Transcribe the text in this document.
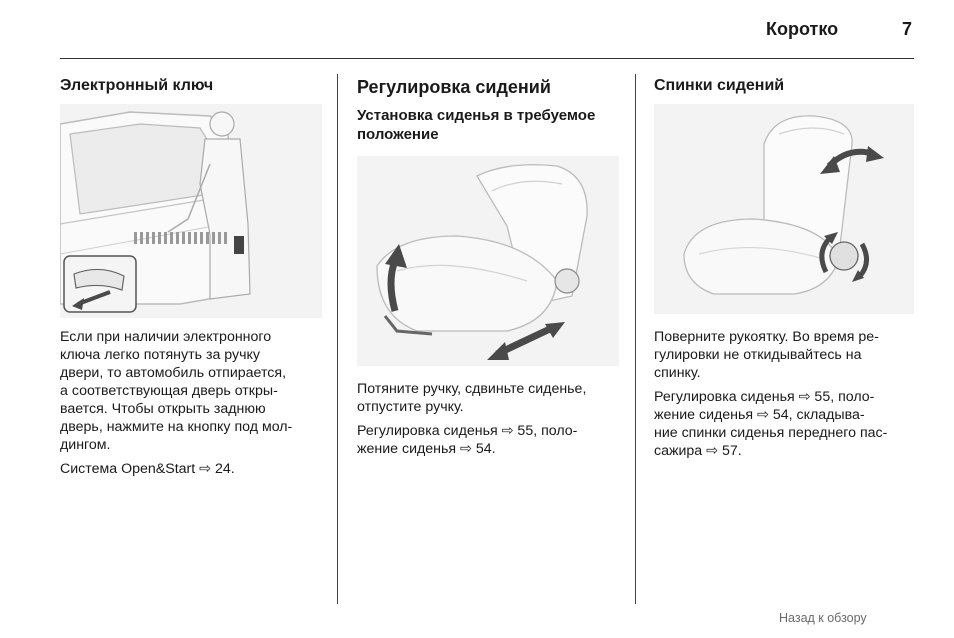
Коротко	7
Электронный ключ

Если при наличии электронного
ключа легко потянуть за ручку
двери, то автомобиль отпирается,
а соответствующая дверь откры-
вается. Чтобы открыть заднюю
дверь, нажмите на кнопку под мол-
дингом.

Система Open&Start ⇨ 24.

Регулировка сидений
Установка сиденья в требуемое
положение

Потяните ручку, сдвиньте сиденье,
отпустите ручку.

Регулировка сиденья ⇨ 55, поло-
жение сиденья ⇨ 54.

Спинки сидений

Поверните рукоятку. Во время ре-
гулировки не откидывайтесь на
спинку.

Регулировка сиденья ⇨ 55, поло-
жение сиденья ⇨ 54, складыва-
ние спинки сиденья переднего пас-
сажира ⇨ 57.

Назад к обзору
